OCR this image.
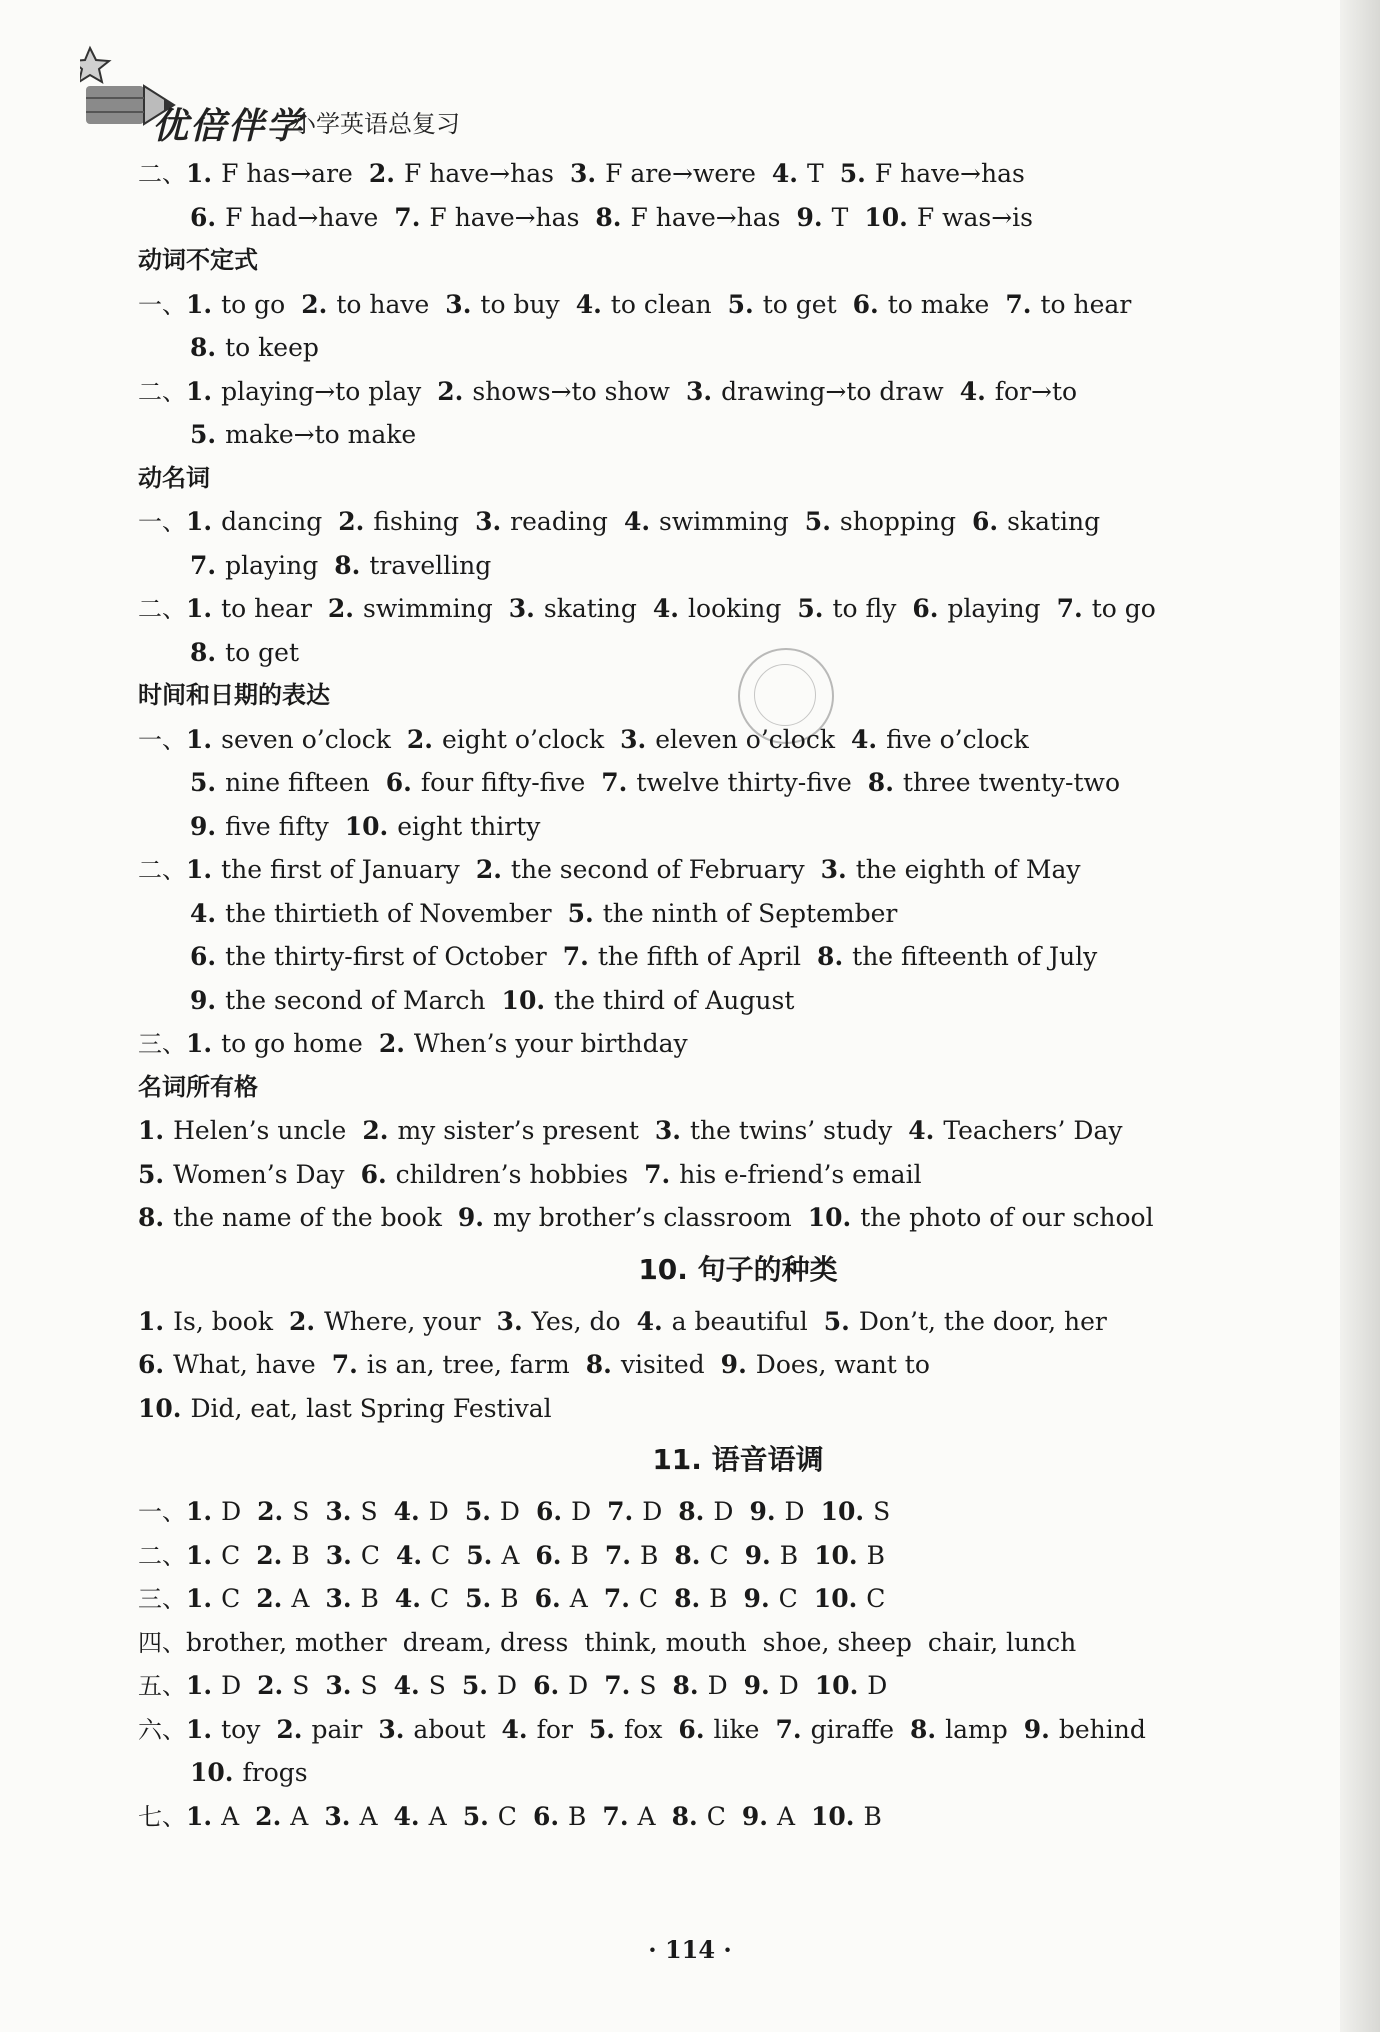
优倍伴学
小学英语总复习
二、1. F has→are 2. F have→has 3. F are→were 4. T 5. F have→has
6. F had→have 7. F have→has 8. F have→has 9. T 10. F was→is
动词不定式
一、1. to go 2. to have 3. to buy 4. to clean 5. to get 6. to make 7. to hear
8. to keep
二、1. playing→to play 2. shows→to show 3. drawing→to draw 4. for→to
5. make→to make
动名词
一、1. dancing 2. fishing 3. reading 4. swimming 5. shopping 6. skating
7. playing 8. travelling
二、1. to hear 2. swimming 3. skating 4. looking 5. to fly 6. playing 7. to go
8. to get
时间和日期的表达
一、1. seven o’clock 2. eight o’clock 3. eleven o’clock 4. five o’clock
5. nine fifteen 6. four fifty-five 7. twelve thirty-five 8. three twenty-two
9. five fifty 10. eight thirty
二、1. the first of January 2. the second of February 3. the eighth of May
4. the thirtieth of November 5. the ninth of September
6. the thirty-first of October 7. the fifth of April 8. the fifteenth of July
9. the second of March 10. the third of August
三、1. to go home 2. When’s your birthday
名词所有格
1. Helen’s uncle 2. my sister’s present 3. the twins’ study 4. Teachers’ Day
5. Women’s Day 6. children’s hobbies 7. his e-friend’s email
8. the name of the book 9. my brother’s classroom 10. the photo of our school
10. 句子的种类
1. Is, book 2. Where, your 3. Yes, do 4. a beautiful 5. Don’t, the door, her
6. What, have 7. is an, tree, farm 8. visited 9. Does, want to
10. Did, eat, last Spring Festival
11. 语音语调
一、1. D 2. S 3. S 4. D 5. D 6. D 7. D 8. D 9. D 10. S
二、1. C 2. B 3. C 4. C 5. A 6. B 7. B 8. C 9. B 10. B
三、1. C 2. A 3. B 4. C 5. B 6. A 7. C 8. B 9. C 10. C
四、brother, mother dream, dress think, mouth shoe, sheep chair, lunch
五、1. D 2. S 3. S 4. S 5. D 6. D 7. S 8. D 9. D 10. D
六、1. toy 2. pair 3. about 4. for 5. fox 6. like 7. giraffe 8. lamp 9. behind
10. frogs
七、1. A 2. A 3. A 4. A 5. C 6. B 7. A 8. C 9. A 10. B
· 114 ·
